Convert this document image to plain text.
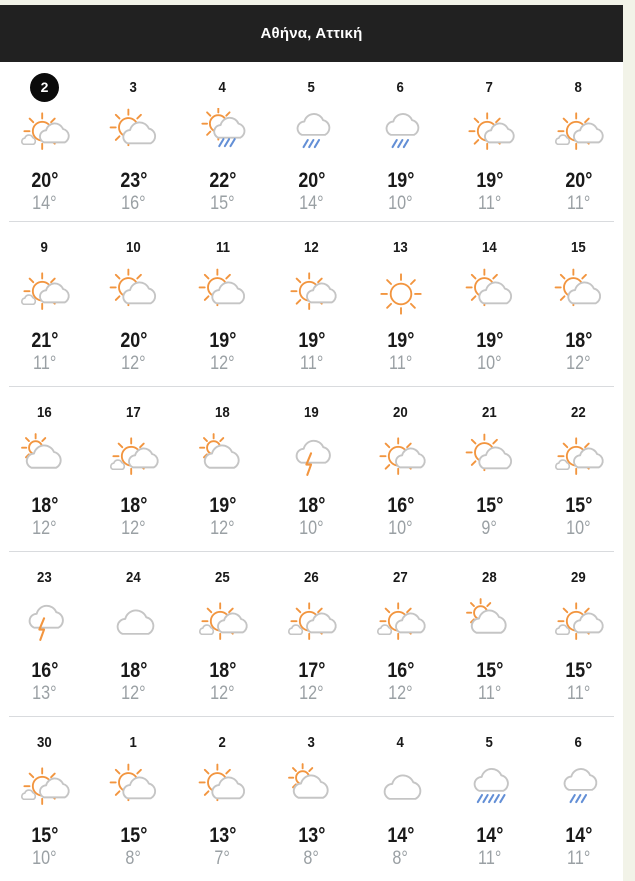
Αθήνα, Αττική
2
20°
14°
3
23°
16°
4
22°
15°
5
20°
14°
6
19°
10°
7
19°
11°
8
20°
11°
9
21°
11°
10
20°
12°
11
19°
12°
12
19°
11°
13
19°
11°
14
19°
10°
15
18°
12°
16
18°
12°
17
18°
12°
18
19°
12°
19
18°
10°
20
16°
10°
21
15°
9°
22
15°
10°
23
16°
13°
24
18°
12°
25
18°
12°
26
17°
12°
27
16°
12°
28
15°
11°
29
15°
11°
30
15°
10°
1
15°
8°
2
13°
7°
3
13°
8°
4
14°
8°
5
14°
11°
6
14°
11°
